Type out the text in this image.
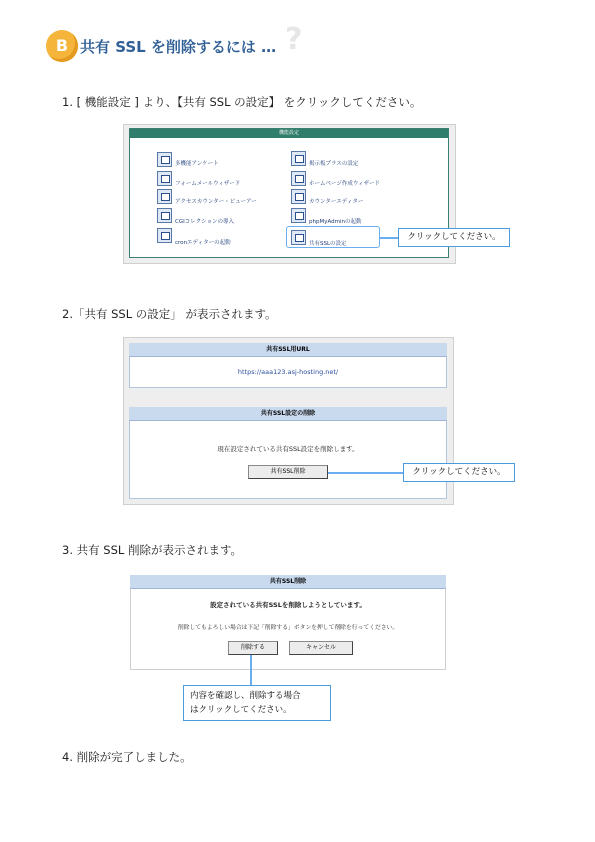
B 共有 SSL を削除するには … ?
1. [ 機能設定 ] より、【共有 SSL の設定】 をクリックしてください。
機能設定
多機能アンケート
フォームメールウィザード
アクセスカウンター・ビューアー
CGIコレクションの導入
cronエディターの起動
掲示板プラスの設定
ホームページ作成ウィザード
カウンターエディター
phpMyAdminの起動
共有SSLの設定
クリックしてください。
2.「共有 SSL の設定」 が表示されます。
共有SSL用URL
https://aaa123.asj-hosting.net/
共有SSL設定の削除
現在設定されている共有SSL設定を削除します。
共有SSL削除	クリックしてください。
3. 共有 SSL 削除が表示されます。
共有SSL削除
設定されている共有SSLを削除しようとしています。
削除してもよろしい場合は下記「削除する」ボタンを押して削除を行ってください。
削除する	キャンセル
内容を確認し、削除する場合
はクリックしてください。
4. 削除が完了しました。
